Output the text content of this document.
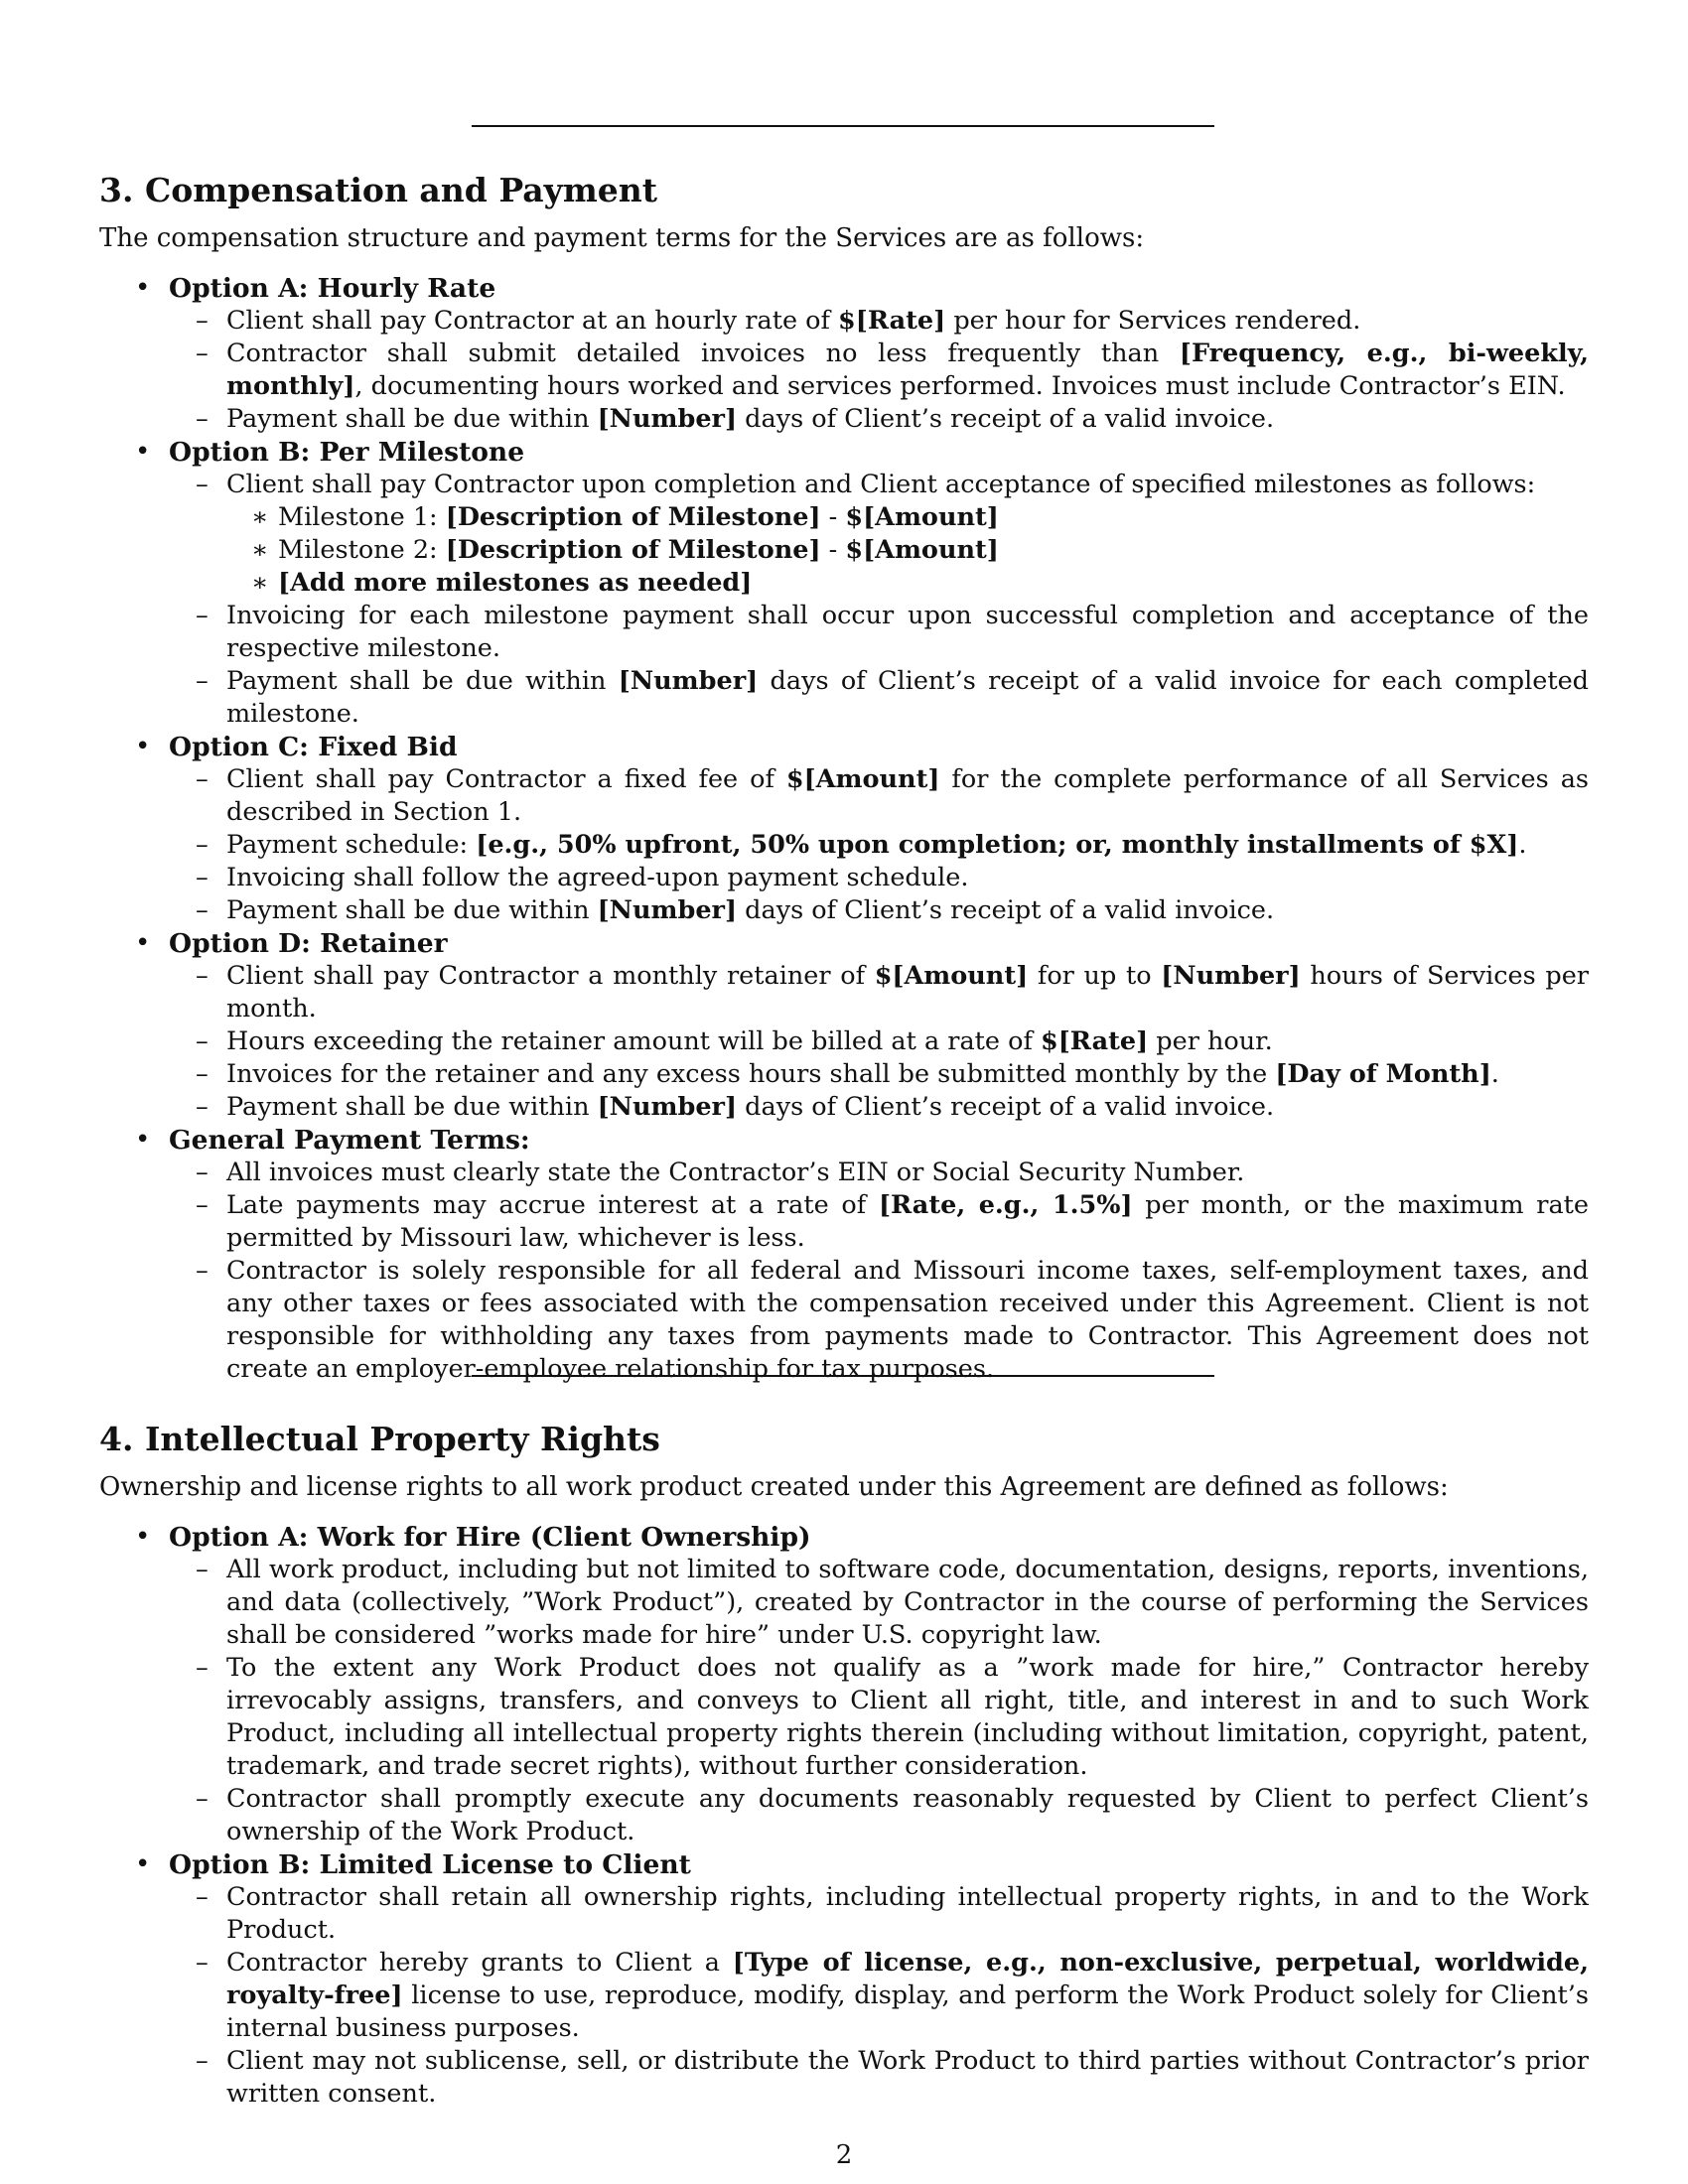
3. Compensation and Payment

The compensation structure and payment terms for the Services are as follows:

• Option A: Hourly Rate
– Client shall pay Contractor at an hourly rate of $[Rate] per hour for Services rendered.
– Contractor shall submit detailed invoices no less frequently than [Frequency, e.g., bi-weekly, monthly], documenting hours worked and services performed. Invoices must include Contractor’s EIN.
– Payment shall be due within [Number] days of Client’s receipt of a valid invoice.
• Option B: Per Milestone
– Client shall pay Contractor upon completion and Client acceptance of specified milestones as follows:
∗ Milestone 1: [Description of Milestone] - $[Amount]
∗ Milestone 2: [Description of Milestone] - $[Amount]
∗ [Add more milestones as needed]
– Invoicing for each milestone payment shall occur upon successful completion and acceptance of the respective milestone.
– Payment shall be due within [Number] days of Client’s receipt of a valid invoice for each completed milestone.
• Option C: Fixed Bid
– Client shall pay Contractor a fixed fee of $[Amount] for the complete performance of all Services as described in Section 1.
– Payment schedule: [e.g., 50% upfront, 50% upon completion; or, monthly installments of $X].
– Invoicing shall follow the agreed-upon payment schedule.
– Payment shall be due within [Number] days of Client’s receipt of a valid invoice.
• Option D: Retainer
– Client shall pay Contractor a monthly retainer of $[Amount] for up to [Number] hours of Services per month.
– Hours exceeding the retainer amount will be billed at a rate of $[Rate] per hour.
– Invoices for the retainer and any excess hours shall be submitted monthly by the [Day of Month].
– Payment shall be due within [Number] days of Client’s receipt of a valid invoice.
• General Payment Terms:
– All invoices must clearly state the Contractor’s EIN or Social Security Number.
– Late payments may accrue interest at a rate of [Rate, e.g., 1.5%] per month, or the maximum rate permitted by Missouri law, whichever is less.
– Contractor is solely responsible for all federal and Missouri income taxes, self-employment taxes, and any other taxes or fees associated with the compensation received under this Agreement. Client is not responsible for withholding any taxes from payments made to Contractor. This Agreement does not create an employer-employee relationship for tax purposes.
4. Intellectual Property Rights

Ownership and license rights to all work product created under this Agreement are defined as follows:

• Option A: Work for Hire (Client Ownership)
– All work product, including but not limited to software code, documentation, designs, reports, inventions, and data (collectively, ”Work Product”), created by Contractor in the course of performing the Services shall be considered ”works made for hire” under U.S. copyright law.
– To the extent any Work Product does not qualify as a ”work made for hire,” Contractor hereby irrevocably assigns, transfers, and conveys to Client all right, title, and interest in and to such Work Product, including all intellectual property rights therein (including without limitation, copyright, patent, trademark, and trade secret rights), without further consideration.
– Contractor shall promptly execute any documents reasonably requested by Client to perfect Client’s ownership of the Work Product.
• Option B: Limited License to Client
– Contractor shall retain all ownership rights, including intellectual property rights, in and to the Work Product.
– Contractor hereby grants to Client a [Type of license, e.g., non-exclusive, perpetual, worldwide, royalty-free] license to use, reproduce, modify, display, and perform the Work Product solely for Client’s internal business purposes.
– Client may not sublicense, sell, or distribute the Work Product to third parties without Contractor’s prior written consent.
2
